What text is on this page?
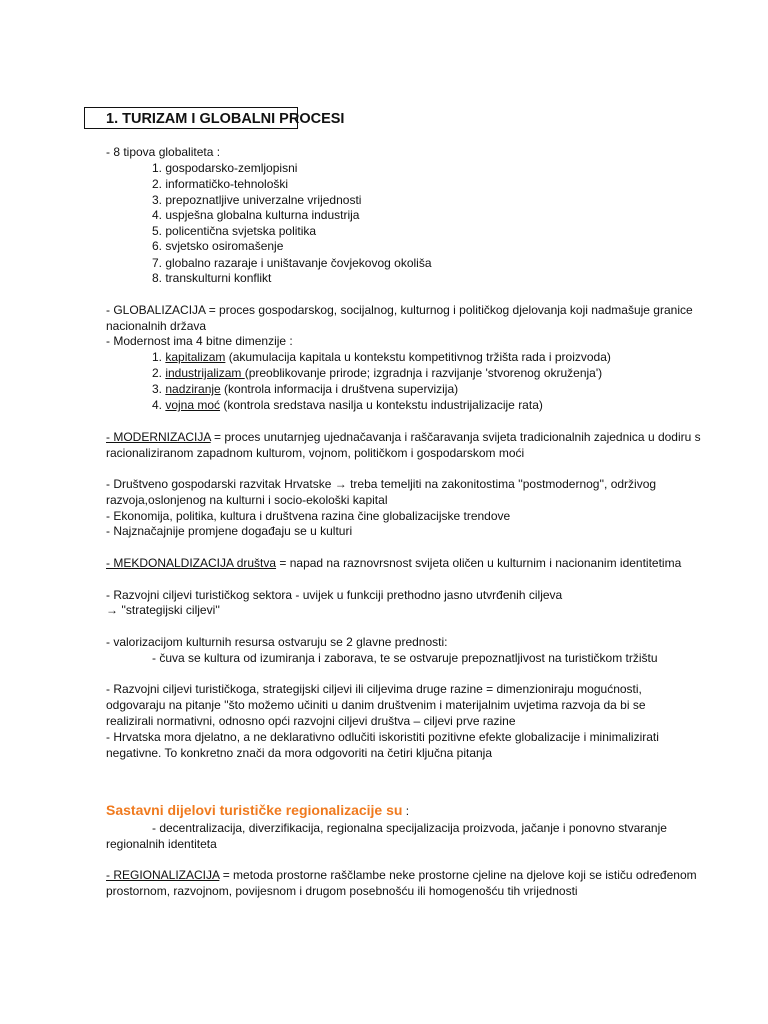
1. TURIZAM I GLOBALNI PROCESI
- 8 tipova globaliteta :
1. gospodarsko-zemljopisni
2. informatičko-tehnološki
3. prepoznatljive univerzalne vrijednosti
4. uspješna globalna kulturna industrija
5. policentična svjetska politika
6. svjetsko osiromašenje
7. globalno razaraje i uništavanje čovjekovog okoliša
8. transkulturni konflikt
- GLOBALIZACIJA = proces gospodarskog, socijalnog, kulturnog i političkog djelovanja koji nadmašuje granice
nacionalnih država
- Modernost ima 4 bitne dimenzije :
1. kapitalizam (akumulacija kapitala u kontekstu kompetitivnog tržišta rada i proizvoda)
2. industrijalizam (preoblikovanje prirode; izgradnja i razvijanje 'stvorenog okruženja')
3. nadziranje (kontrola informacija i društvena supervizija)
4. vojna moć (kontrola sredstava nasilja u kontekstu industrijalizacije rata)
- MODERNIZACIJA = proces unutarnjeg ujednačavanja i raščaravanja svijeta tradicionalnih zajednica u dodiru s
racionaliziranom zapadnom kulturom, vojnom, političkom i gospodarskom moći
- Društveno gospodarski razvitak Hrvatske → treba temeljiti na zakonitostima ''postmodernog'', održivog
razvoja,oslonjenog na kulturni i socio-ekološki kapital
- Ekonomija, politika, kultura i društvena razina čine globalizacijske trendove
- Najznačajnije promjene događaju se u kulturi
- MEKDONALDIZACIJA društva = napad na raznovrsnost svijeta oličen u kulturnim i nacionanim identitetima
- Razvojni ciljevi turističkog sektora - uvijek u funkciji prethodno jasno utvrđenih ciljeva
→ ''strategijski ciljevi''
- valorizacijom kulturnih resursa ostvaruju se 2 glavne prednosti:
- čuva se kultura od izumiranja i zaborava, te se ostvaruje prepoznatljivost na turističkom tržištu
- Razvojni ciljevi turističkoga, strategijski ciljevi ili ciljevima druge razine = dimenzioniraju mogućnosti,
odgovaraju na pitanje ''što možemo učiniti u danim društvenim i materijalnim uvjetima razvoja da bi se
realizirali normativni, odnosno opći razvojni ciljevi društva – ciljevi prve razine
- Hrvatska mora djelatno, a ne deklarativno odlučiti iskoristiti pozitivne efekte globalizacije i minimalizirati
negativne. To konkretno znači da mora odgovoriti na četiri ključna pitanja
Sastavni dijelovi turističke regionalizacije su :
- decentralizacija, diverzifikacija, regionalna specijalizacija proizvoda, jačanje i ponovno stvaranje
regionalnih identiteta
- REGIONALIZACIJA = metoda prostorne raščlambe neke prostorne cjeline na djelove koji se ističu određenom
prostornom, razvojnom, povijesnom i drugom posebnošću ili homogenošću tih vrijednosti
